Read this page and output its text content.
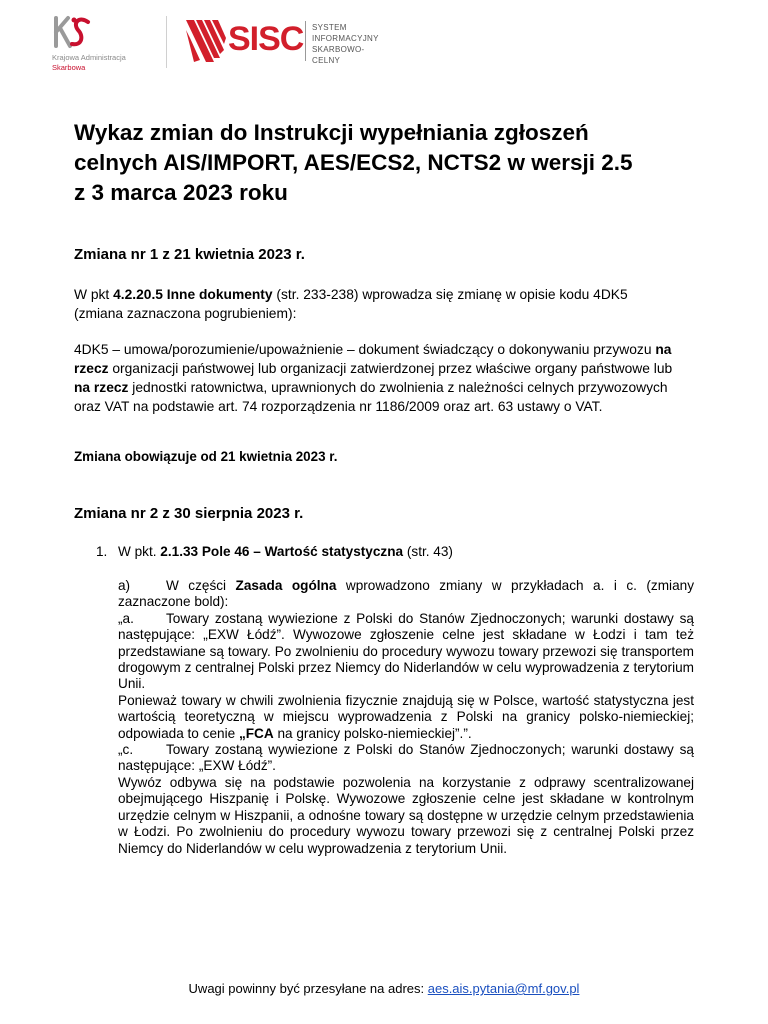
Krajowa Administracja
Skarbowa
SISC SYSTEM
INFORMACYJNY
SKARBOWO-CELNY
Wykaz zmian do Instrukcji wypełniania zgłoszeń celnych AIS/IMPORT, AES/ECS2, NCTS2 w wersji 2.5 z 3 marca 2023 roku
Zmiana nr 1 z 21 kwietnia 2023 r.
W pkt 4.2.20.5 Inne dokumenty (str. 233-238) wprowadza się zmianę w opisie kodu 4DK5 (zmiana zaznaczona pogrubieniem):
4DK5 – umowa/porozumienie/upoważnienie – dokument świadczący o dokonywaniu przywozu na rzecz organizacji państwowej lub organizacji zatwierdzonej przez właściwe organy państwowe lub na rzecz jednostki ratownictwa, uprawnionych do zwolnienia z należności celnych przywozowych oraz VAT na podstawie art. 74 rozporządzenia nr 1186/2009 oraz art. 63 ustawy o VAT.
Zmiana obowiązuje od 21 kwietnia 2023 r.
Zmiana nr 2 z 30 sierpnia 2023 r.
1. W pkt. 2.1.33 Pole 46 – Wartość statystyczna (str. 43)
a)	W części Zasada ogólna wprowadzono zmiany w przykładach a. i c. (zmiany zaznaczone bold):
„a. Towary zostaną wywiezione z Polski do Stanów Zjednoczonych; warunki dostawy są następujące: „EXW Łódź”. Wywozowe zgłoszenie celne jest składane w Łodzi i tam też przedstawiane są towary. Po zwolnieniu do procedury wywozu towary przewozi się transportem drogowym z centralnej Polski przez Niemcy do Niderlandów w celu wyprowadzenia z terytorium Unii.
Ponieważ towary w chwili zwolnienia fizycznie znajdują się w Polsce, wartość statystyczna jest wartością teoretyczną w miejscu wyprowadzenia z Polski na granicy polsko-niemieckiej; odpowiada to cenie „FCA na granicy polsko-niemieckiej”.”.
„c. Towary zostaną wywiezione z Polski do Stanów Zjednoczonych; warunki dostawy są następujące: „EXW Łódź”.
Wywóz odbywa się na podstawie pozwolenia na korzystanie z odprawy scentralizowanej obejmującego Hiszpanię i Polskę. Wywozowe zgłoszenie celne jest składane w kontrolnym urzędzie celnym w Hiszpanii, a odnośne towary są dostępne w urzędzie celnym przedstawienia w Łodzi. Po zwolnieniu do procedury wywozu towary przewozi się z centralnej Polski przez Niemcy do Niderlandów w celu wyprowadzenia z terytorium Unii.
Uwagi powinny być przesyłane na adres: aes.ais.pytania@mf.gov.pl
